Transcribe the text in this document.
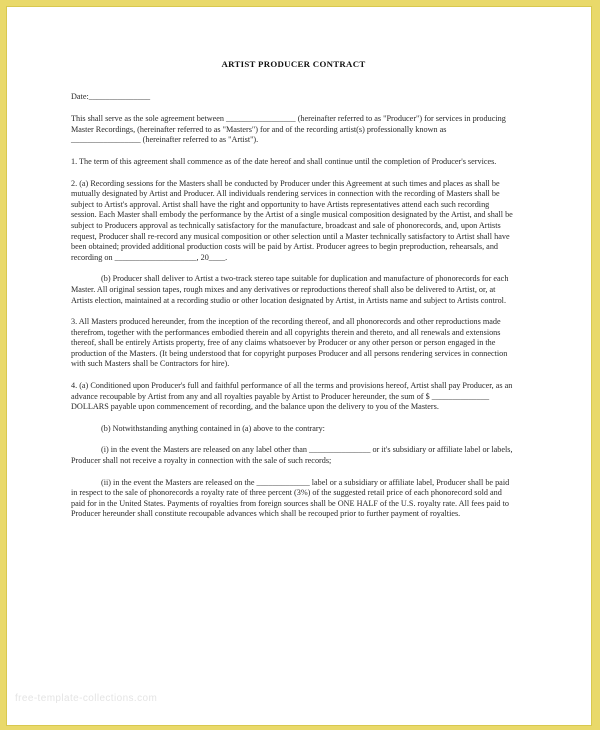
ARTIST PRODUCER CONTRACT

Date:_______________

This shall serve as the sole agreement between _________________ (hereinafter referred to as "Producer") for services in producing Master Recordings, (hereinafter referred to as "Masters") for and of the recording artist(s) professionally known as _________________ (hereinafter referred to as "Artist").

1. The term of this agreement shall commence as of the date hereof and shall continue until the completion of Producer's services.

2. (a) Recording sessions for the Masters shall be conducted by Producer under this Agreement at such times and places as shall be mutually designated by Artist and Producer. All individuals rendering services in connection with the recording of Masters shall be subject to Artist's approval. Artist shall have the right and opportunity to have Artists representatives attend each such recording session. Each Master shall embody the performance by the Artist of a single musical composition designated by the Artist, and shall be subject to Producers approval as technically satisfactory for the manufacture, broadcast and sale of phonorecords, and, upon Artists request, Producer shall re-record any musical composition or other selection until a Master technically satisfactory to Artist shall have been obtained; provided additional production costs will be paid by Artist. Producer agrees to begin preproduction, rehearsals, and recording on ____________________, 20____.

(b) Producer shall deliver to Artist a two-track stereo tape suitable for duplication and manufacture of phonorecords for each Master. All original session tapes, rough mixes and any derivatives or reproductions thereof shall also be delivered to Artist, or, at Artists election, maintained at a recording studio or other location designated by Artist, in Artists name and subject to Artists control.

3. All Masters produced hereunder, from the inception of the recording thereof, and all phonorecords and other reproductions made therefrom, together with the performances embodied therein and all copyrights therein and thereto, and all renewals and extensions thereof, shall be entirely Artists property, free of any claims whatsoever by Producer or any other person or person engaged in the production of the Masters. (It being understood that for copyright purposes Producer and all persons rendering services in connection with such Masters shall be Contractors for hire).

4. (a) Conditioned upon Producer's full and faithful performance of all the terms and provisions hereof, Artist shall pay Producer, as an advance recoupable by Artist from any and all royalties payable by Artist to Producer hereunder, the sum of $ ______________ DOLLARS payable upon commencement of recording, and the balance upon the delivery to you of the Masters.

(b) Notwithstanding anything contained in (a) above to the contrary:

(i) in the event the Masters are released on any label other than _______________ or it's subsidiary or affiliate label or labels, Producer shall not receive a royalty in connection with the sale of such records;

(ii) in the event the Masters are released on the _____________ label or a subsidiary or affiliate label, Producer shall be paid in respect to the sale of phonorecords a royalty rate of three percent (3%) of the suggested retail price of each phonorecord sold and paid for in the United States. Payments of royalties from foreign sources shall be ONE HALF of the U.S. royalty rate. All fees paid to Producer hereunder shall constitute recoupable advances which shall be recouped prior to further payment of royalties.

free-template-collections.com
